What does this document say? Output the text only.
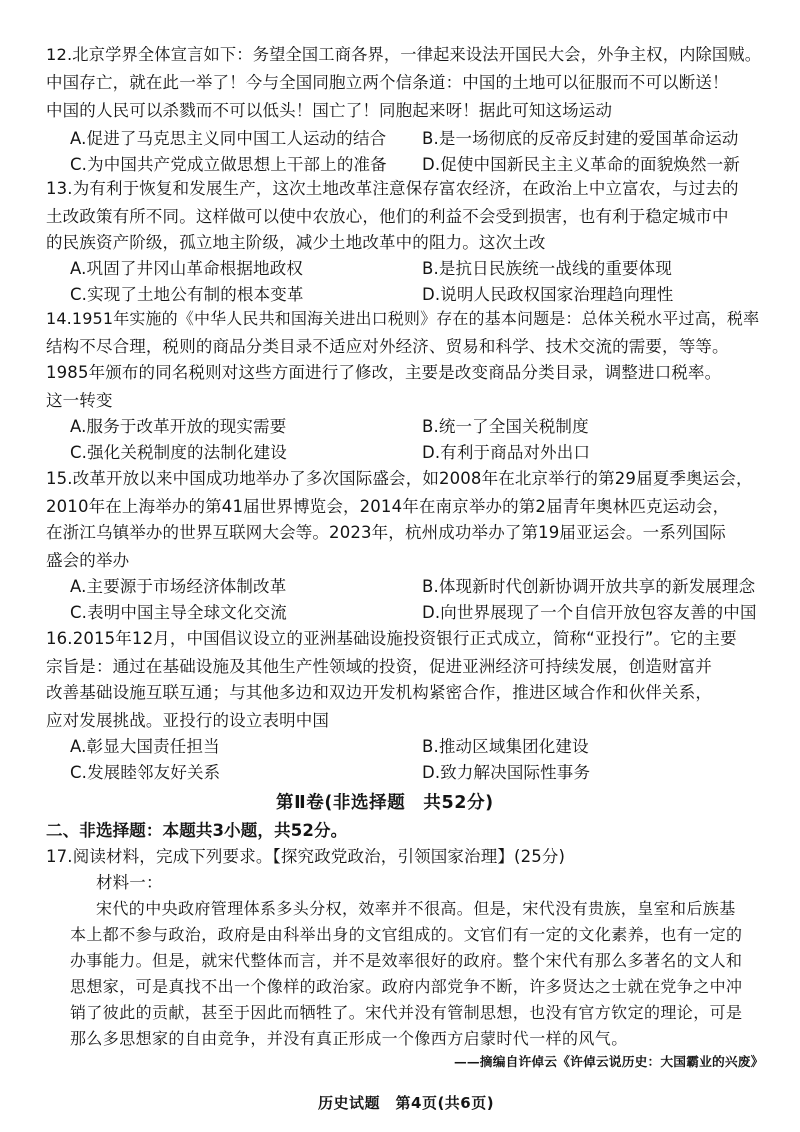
12.北京学界全体宣言如下：务望全国工商各界，一律起来设法开国民大会，外争主权，内除国贼。
中国存亡，就在此一举了！今与全国同胞立两个信条道：中国的土地可以征服而不可以断送！
中国的人民可以杀戮而不可以低头！国亡了！同胞起来呀！据此可知这场运动
A.促进了马克思主义同中国工人运动的结合 B.是一场彻底的反帝反封建的爱国革命运动
C.为中国共产党成立做思想上干部上的准备 D.促使中国新民主主义革命的面貌焕然一新
13.为有利于恢复和发展生产，这次土地改革注意保存富农经济，在政治上中立富农，与过去的
土改政策有所不同。这样做可以使中农放心，他们的利益不会受到损害，也有利于稳定城市中
的民族资产阶级，孤立地主阶级，减少土地改革中的阻力。这次土改
A.巩固了井冈山革命根据地政权	B.是抗日民族统一战线的重要体现
C.实现了土地公有制的根本变革	D.说明人民政权国家治理趋向理性
14.1951年实施的《中华人民共和国海关进出口税则》存在的基本问题是：总体关税水平过高，税率
结构不尽合理，税则的商品分类目录不适应对外经济、贸易和科学、技术交流的需要，等等。
1985年颁布的同名税则对这些方面进行了修改，主要是改变商品分类目录，调整进口税率。
这一转变
A.服务于改革开放的现实需要	B.统一了全国关税制度
C.强化关税制度的法制化建设	D.有利于商品对外出口
15.改革开放以来中国成功地举办了多次国际盛会，如2008年在北京举行的第29届夏季奥运会，
2010年在上海举办的第41届世界博览会，2014年在南京举办的第2届青年奥林匹克运动会，
在浙江乌镇举办的世界互联网大会等。2023年，杭州成功举办了第19届亚运会。一系列国际
盛会的举办
A.主要源于市场经济体制改革	B.体现新时代创新协调开放共享的新发展理念
C.表明中国主导全球文化交流	D.向世界展现了一个自信开放包容友善的中国
16.2015年12月，中国倡议设立的亚洲基础设施投资银行正式成立，简称“亚投行”。它的主要
宗旨是：通过在基础设施及其他生产性领域的投资，促进亚洲经济可持续发展，创造财富并
改善基础设施互联互通；与其他多边和双边开发机构紧密合作，推进区域合作和伙伴关系，
应对发展挑战。亚投行的设立表明中国
A.彰显大国责任担当	B.推动区域集团化建设
C.发展睦邻友好关系	D.致力解决国际性事务
第Ⅱ卷(非选择题　共52分)
二、非选择题：本题共3小题，共52分。
17.阅读材料，完成下列要求。【探究政党政治，引领国家治理】(25分)
材料一：
宋代的中央政府管理体系多头分权，效率并不很高。但是，宋代没有贵族，皇室和后族基
本上都不参与政治，政府是由科举出身的文官组成的。文官们有一定的文化素养，也有一定的
办事能力。但是，就宋代整体而言，并不是效率很好的政府。整个宋代有那么多著名的文人和
思想家，可是真找不出一个像样的政治家。政府内部党争不断，许多贤达之士就在党争之中冲
销了彼此的贡献，甚至于因此而牺牲了。宋代并没有管制思想，也没有官方钦定的理论，可是
那么多思想家的自由竞争，并没有真正形成一个像西方启蒙时代一样的风气。
——摘编自许倬云《许倬云说历史：大国霸业的兴废》
历史试题　第4页(共6页)
